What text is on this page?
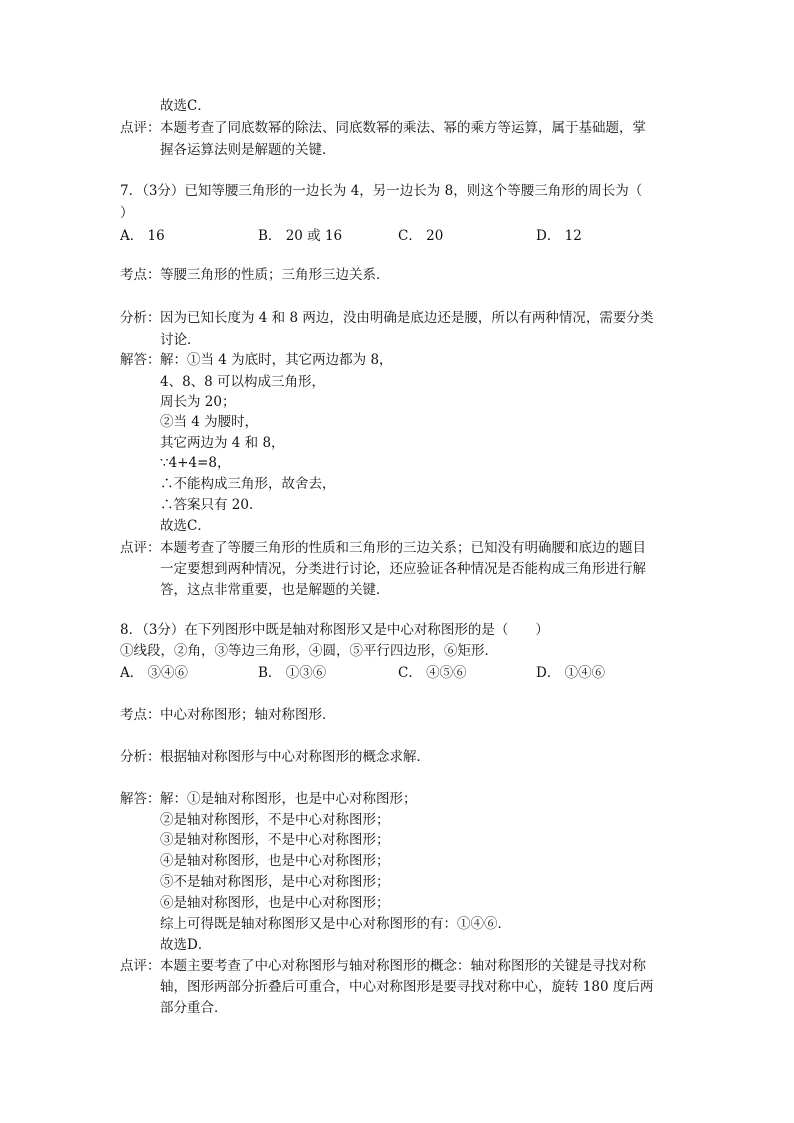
故选C．
点评： 本题考查了同底数幂的除法、同底数幂的乘法、幂的乘方等运算，属于基础题，掌
握各运算法则是解题的关键．
7．（3分）已知等腰三角形的一边长为 4，另一边长为 8，则这个等腰三角形的周长为（
）
A． 16	B． 20 或 16	C． 20	D． 12
考点： 等腰三角形的性质；三角形三边关系．
分析： 因为已知长度为 4 和 8 两边，没由明确是底边还是腰，所以有两种情况，需要分类
讨论．
解答： 解：①当 4 为底时，其它两边都为 8，
4、8、8 可以构成三角形，
周长为 20；
②当 4 为腰时，
其它两边为 4 和 8，
∵4+4=8，
∴不能构成三角形，故舍去，
∴答案只有 20．
故选C．
点评： 本题考查了等腰三角形的性质和三角形的三边关系；已知没有明确腰和底边的题目
一定要想到两种情况，分类进行讨论，还应验证各种情况是否能构成三角形进行解
答，这点非常重要，也是解题的关键．
8．（3分）在下列图形中既是轴对称图形又是中心对称图形的是（　　）
①线段，②角，③等边三角形，④圆，⑤平行四边形，⑥矩形．
A． ③④⑥	B． ①③⑥	C． ④⑤⑥	D． ①④⑥
考点： 中心对称图形；轴对称图形．
分析： 根据轴对称图形与中心对称图形的概念求解．
解答： 解：①是轴对称图形，也是中心对称图形；
②是轴对称图形，不是中心对称图形；
③是轴对称图形，不是中心对称图形；
④是轴对称图形，也是中心对称图形；
⑤不是轴对称图形，是中心对称图形；
⑥是轴对称图形，也是中心对称图形；
综上可得既是轴对称图形又是中心对称图形的有：①④⑥．
故选D．
点评： 本题主要考查了中心对称图形与轴对称图形的概念：轴对称图形的关键是寻找对称
轴，图形两部分折叠后可重合，中心对称图形是要寻找对称中心，旋转 180 度后两
部分重合．
